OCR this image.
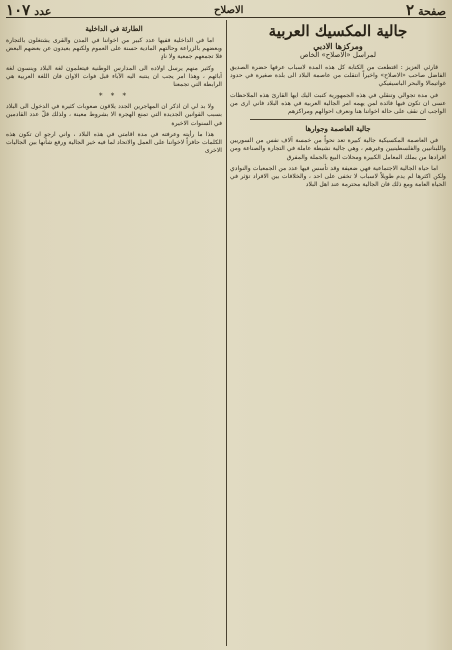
صفحة
٢
الاصلاح
عدد
١٠٧
جالية المكسيك العربية
ومركزها الادبي
لمراسل «الاصلاح» الخاص

قارئي العزيز : اقتطعت من الكتابة كل هذه المدة لاسباب عرفها حضرة الصديق الفاضل صاحب «الاصلاح» واخيراً انتقلت من عاصمة البلاد الى بلدة صغيرة في حدود غواتيمالا والبحر الباسيفيكي

في مدة تجوالي وتنقلي في هذه الجمهورية كتبت اليك ايها القارئ هذه الملاحظات عسى ان تكون فيها فائدة لمن يهمه امر الجالية العربية في هذه البلاد فاني ارى من الواجب ان نقف على حالة اخواننا هنا ونعرف احوالهم ومراكزهم

جالية العاصمة وجوارها

في العاصمة المكسيكية جالية كبيرة تعد نحواً من خمسة آلاف نفس من السوريين واللبنانيين والفلسطينيين وغيرهم ، وهي جالية نشيطة عاملة في التجارة والصناعة ومن افرادها من يملك المعامل الكبيرة ومحلات البيع بالجملة والمفرق

اما حياة الجالية الاجتماعية فهي ضعيفة وقد تأسس فيها عدد من الجمعيات والنوادي ولكن اكثرها لم يدم طويلاً لاسباب لا تخفى على احد ، والخلافات بين الافراد تؤثر في الحياة العامة ومع ذلك فان الجالية محترمة عند اهل البلاد

الطارئة في الداخلية

اما في الداخلية ففيها عدد كبير من اخواننا في المدن والقرى يشتغلون بالتجارة وبعضهم بالزراعة وحالتهم المادية حسنة على العموم ولكنهم بعيدون عن بعضهم البعض فلا تجمعهم جمعية ولا نادٍ

وكثير منهم يرسل اولاده الى المدارس الوطنية فيتعلمون لغة البلاد وينسون لغة آبائهم ، وهذا امر يجب ان ينتبه اليه الآباء قبل فوات الاوان فان اللغة العربية هي الرابطة التي تجمعنا

* * *

ولا بد لي ان اذكر ان المهاجرين الجدد يلاقون صعوبات كثيرة في الدخول الى البلاد بسبب القوانين الجديدة التي تمنع الهجرة الا بشروط معينة ، ولذلك قلّ عدد القادمين في السنوات الاخيرة

هذا ما رأيته وعرفته في مدة اقامتي في هذه البلاد ، واني ارجو ان تكون هذه الكلمات حافزاً لاخواننا على العمل والاتحاد لما فيه خير الجالية ورفع شأنها بين الجاليات الاخرى
